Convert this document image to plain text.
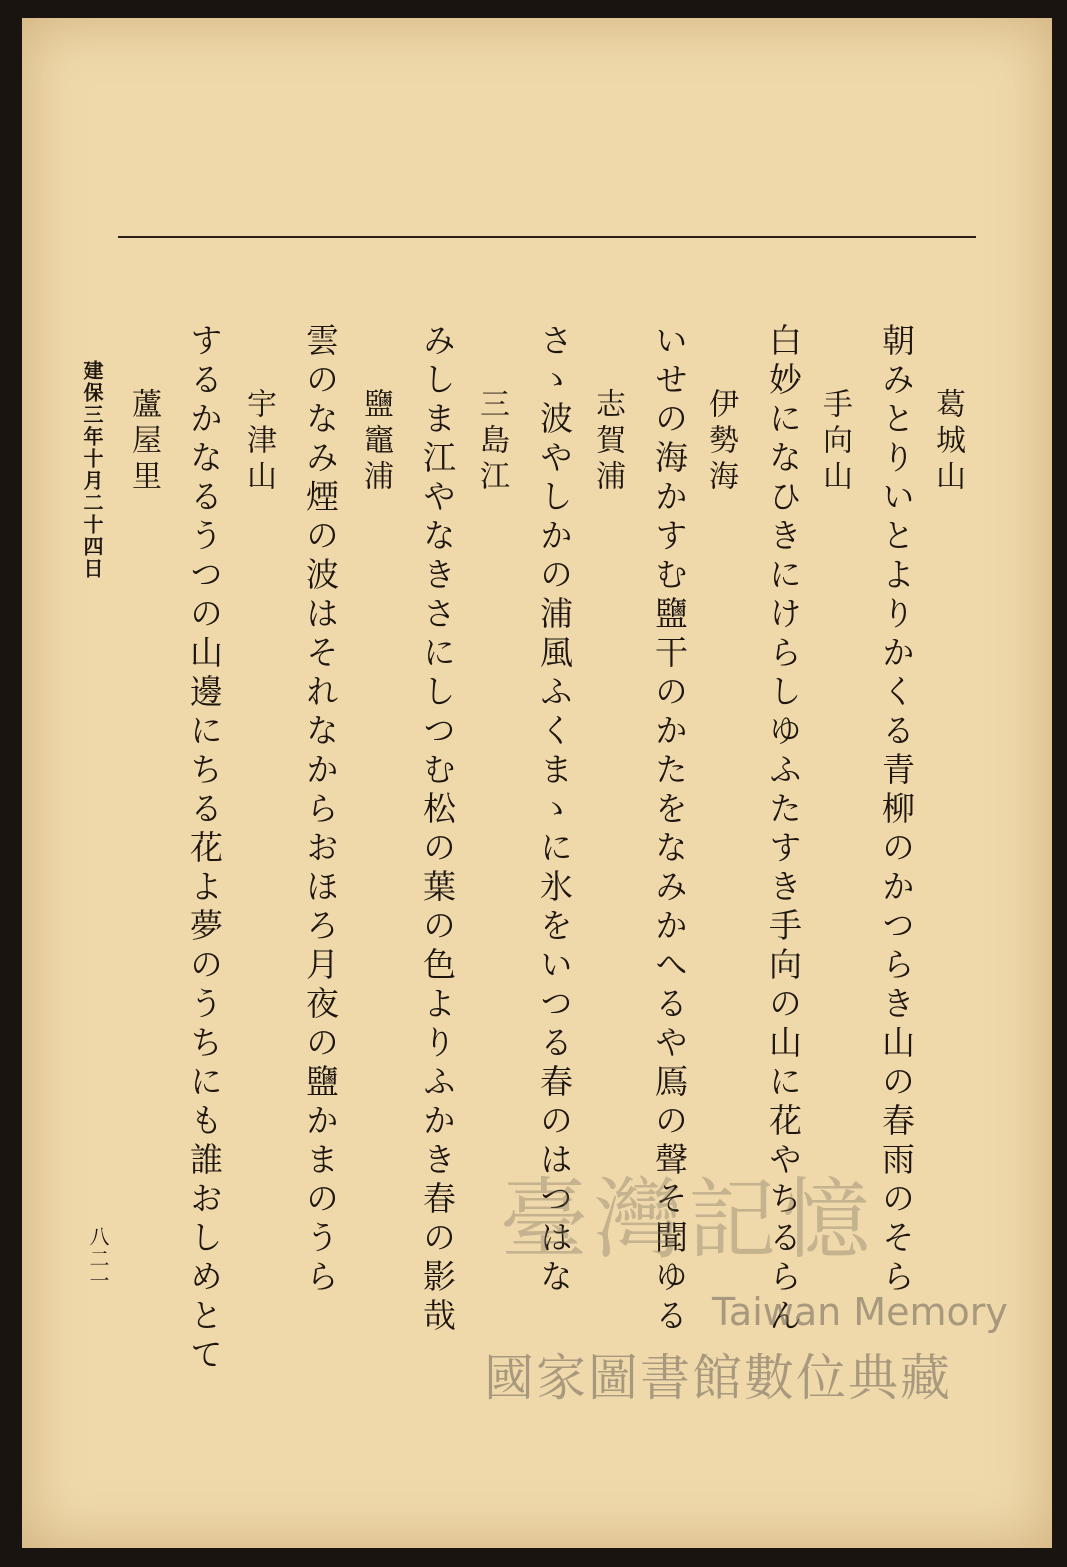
葛城山
朝みとりいとよりかくる青柳のかつらき山の春雨のそら
手向山
白妙になひきにけらしゆふたすき手向の山に花やちるらん
伊勢海
いせの海かすむ鹽干のかたをなみかへるや鳫の聲そ聞ゆる
志賀浦
さゝ波やしかの浦風ふくまゝに氷をいつる春のはつはな
三島江
みしま江やなきさにしつむ松の葉の色よりふかき春の影哉
鹽竈浦
雲のなみ煙の波はそれなからおほろ月夜の鹽かまのうら
宇津山
するかなるうつの山邊にちる花よ夢のうちにも誰おしめとて
蘆屋里
建保三年十月二十四日
八二一	臺灣記憶
Taiwan Memory
國家圖書館數位典藏
